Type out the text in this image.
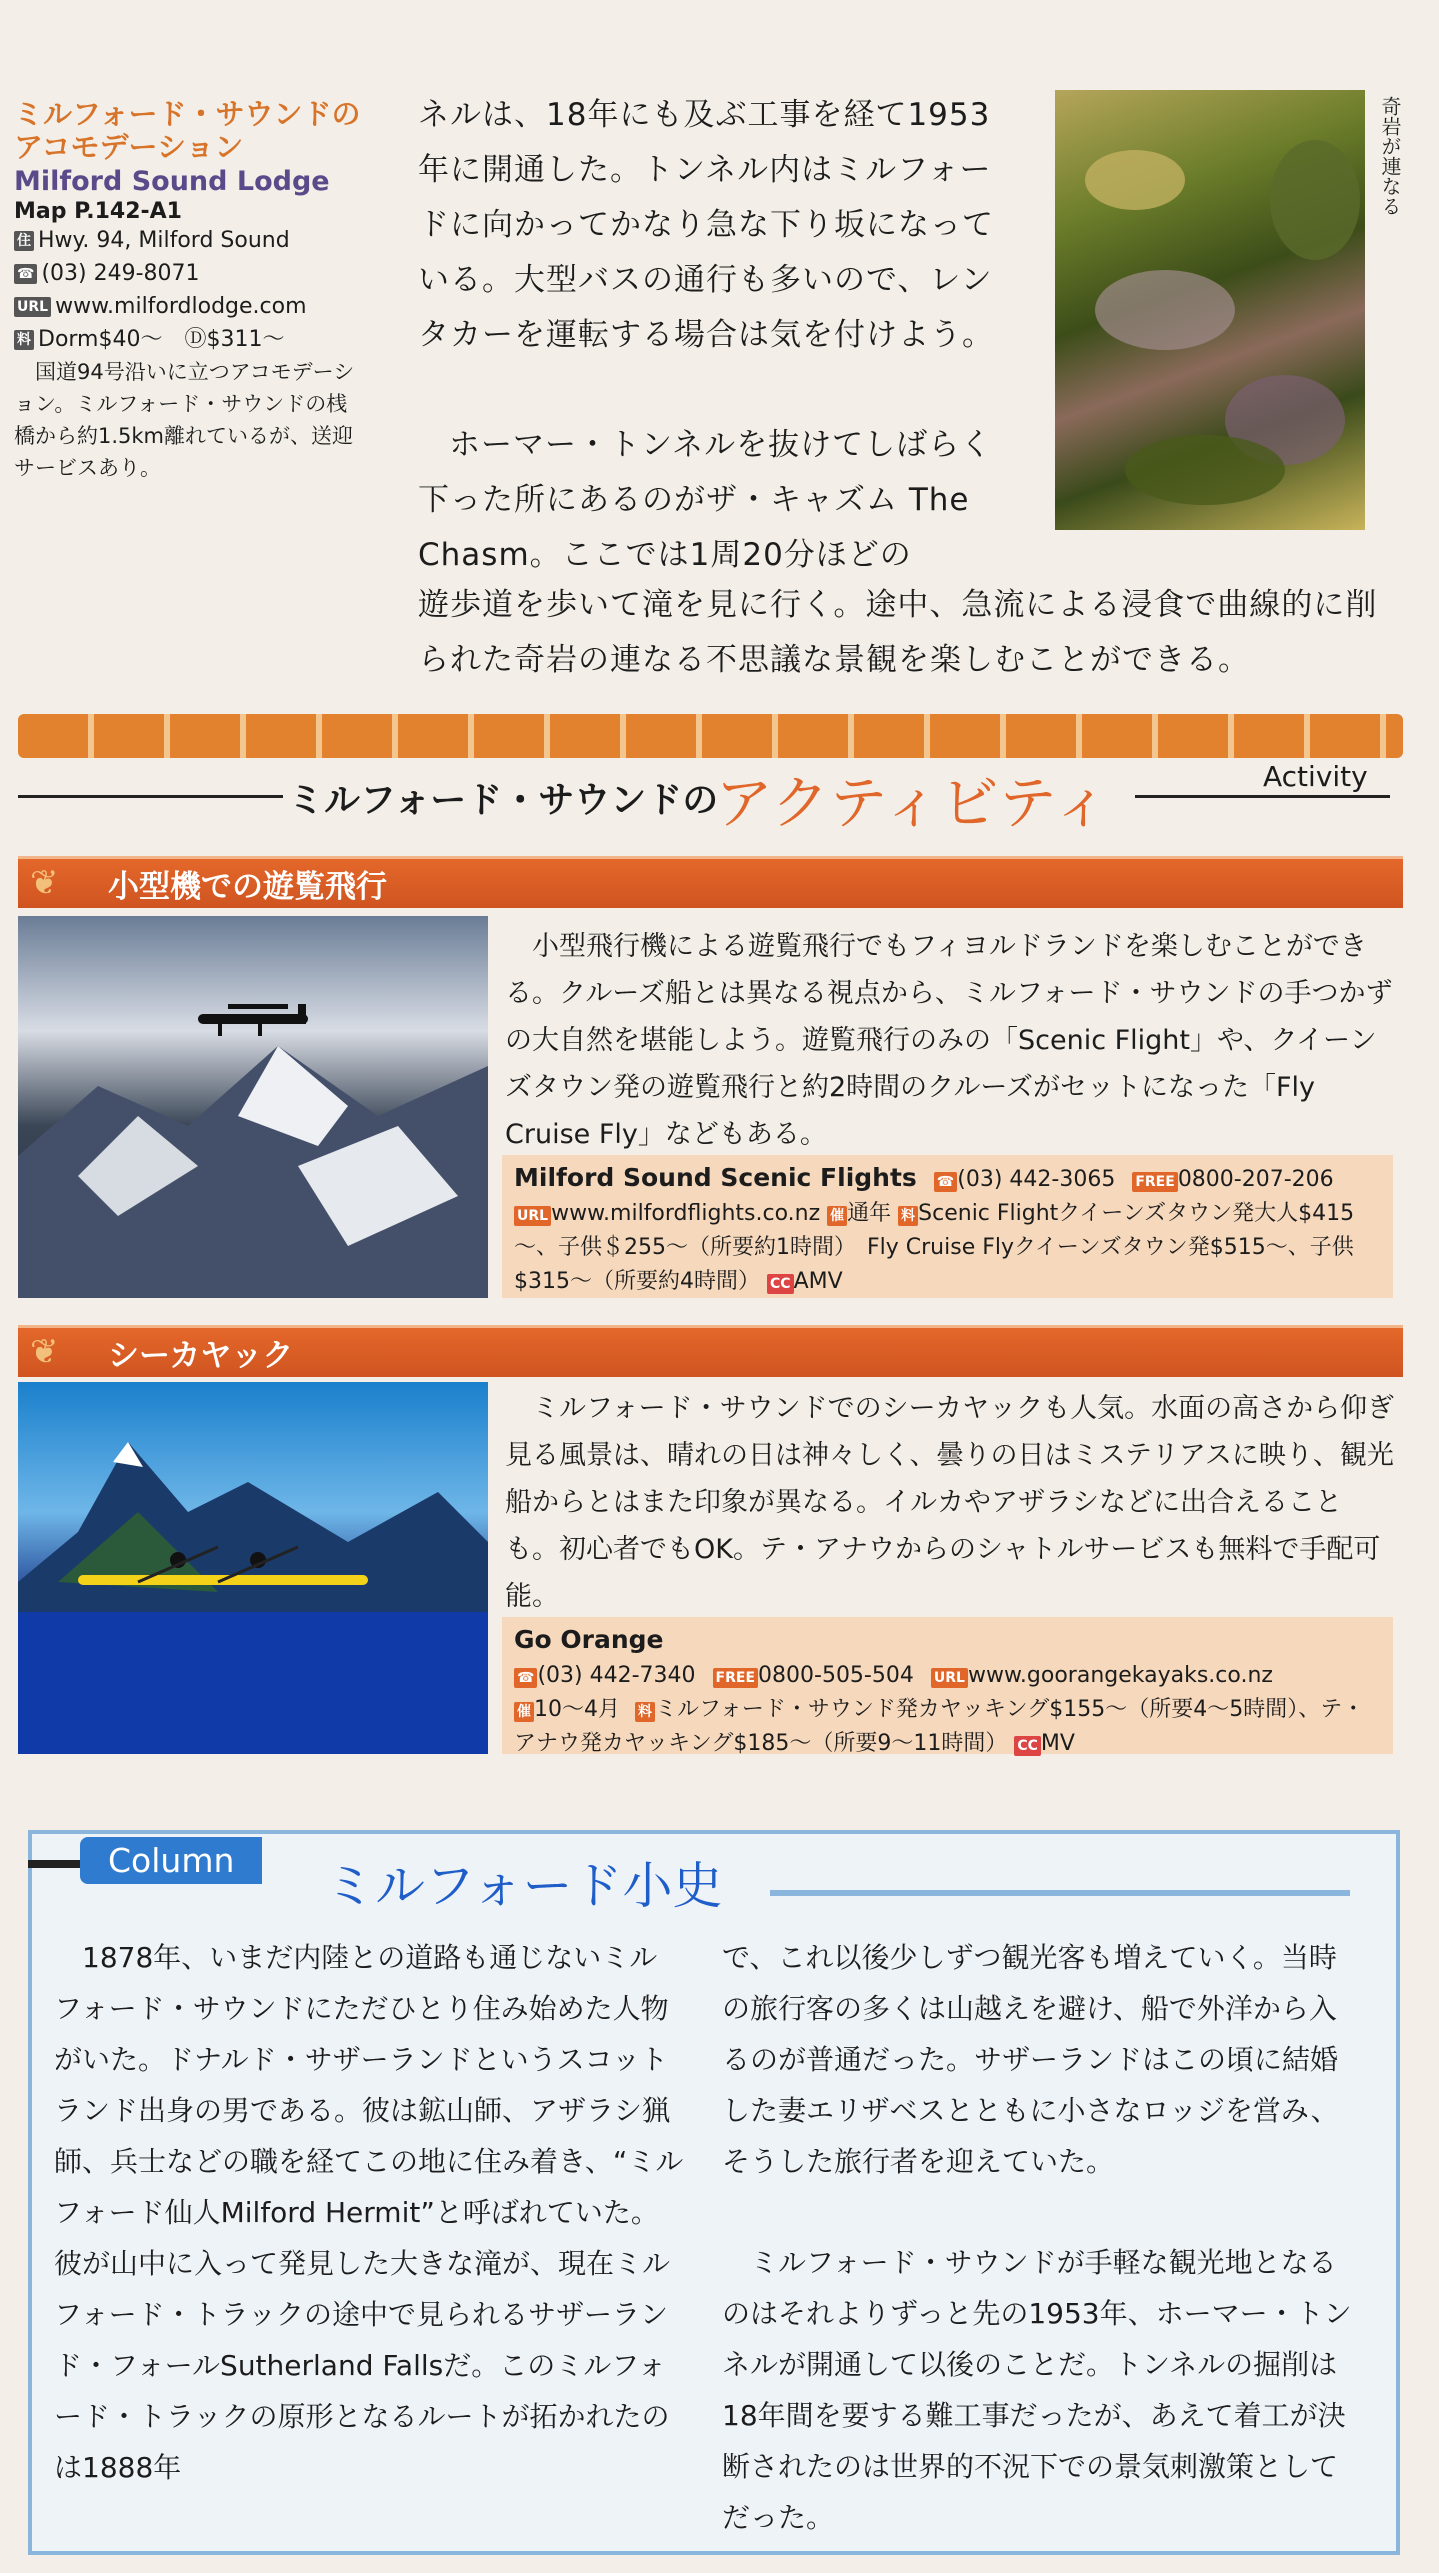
ミルフォード・サウンドのアコモデーション
Milford Sound Lodge
Map P.142-A1
住 Hwy. 94, Milford Sound
☎ (03) 249-8071
URL www.milfordlodge.com
料 Dorm$40～　Ⓓ$311～
国道94号沿いに立つアコモデーション。ミルフォード・サウンドの桟橋から約1.5km離れているが、送迎サービスあり。
ネルは、18年にも及ぶ工事を経て1953年に開通した。トンネル内はミルフォードに向かってかなり急な下り坂になっている。大型バスの通行も多いので、レンタカーを運転する場合は気を付けよう。
ホーマー・トンネルを抜けてしばらく下った所にあるのがザ・キャズム The Chasm。ここでは1周20分ほどの
遊歩道を歩いて滝を見に行く。途中、急流による浸食で曲線的に削られた奇岩の連なる不思議な景観を楽しむことができる。
奇岩が連なる
ミルフォード・サウンドの
アクティビティ	Activity
❦ 小型機での遊覧飛行
小型飛行機による遊覧飛行でもフィヨルドランドを楽しむことができる。クルーズ船とは異なる視点から、ミルフォード・サウンドの手つかずの大自然を堪能しよう。遊覧飛行のみの「Scenic Flight」や、クイーンズタウン発の遊覧飛行と約2時間のクルーズがセットになった「Fly Cruise Fly」などもある。
Milford Sound Scenic Flights ☎ (03) 442-3065 FREE 0800-207-206
URL www.milfordflights.co.nz 催 通年 料 Scenic Flightクイーンズタウン発大人$415～、子供＄255～（所要約1時間）　Fly Cruise Flyクイーンズタウン発$515～、子供$315～（所要約4時間） CC AMV
❦ シーカヤック
ミルフォード・サウンドでのシーカヤックも人気。水面の高さから仰ぎ見る風景は、晴れの日は神々しく、曇りの日はミステリアスに映り、観光船からとはまた印象が異なる。イルカやアザラシなどに出合えることも。初心者でもOK。テ・アナウからのシャトルサービスも無料で手配可能。
Go Orange
☎ (03) 442-7340 FREE 0800-505-504 URL www.goorangekayaks.co.nz
催 10～4月 料 ミルフォード・サウンド発カヤッキング$155～（所要4～5時間）、テ・アナウ発カヤッキング$185～（所要9～11時間） CC MV
Column	ミルフォード小史
1878年、いまだ内陸との道路も通じないミルフォード・サウンドにただひとり住み始めた人物がいた。ドナルド・サザーランドというスコットランド出身の男である。彼は鉱山師、アザラシ猟師、兵士などの職を経てこの地に住み着き、“ミルフォード仙人Milford Hermit”と呼ばれていた。彼が山中に入って発見した大きな滝が、現在ミルフォード・トラックの途中で見られるサザーランド・フォールSutherland Fallsだ。このミルフォード・トラックの原形となるルートが拓かれたのは1888年
で、これ以後少しずつ観光客も増えていく。当時の旅行客の多くは山越えを避け、船で外洋から入るのが普通だった。サザーランドはこの頃に結婚した妻エリザベスとともに小さなロッジを営み、そうした旅行者を迎えていた。
ミルフォード・サウンドが手軽な観光地となるのはそれよりずっと先の1953年、ホーマー・トンネルが開通して以後のことだ。トンネルの掘削は18年間を要する難工事だったが、あえて着工が決断されたのは世界的不況下での景気刺激策としてだった。
